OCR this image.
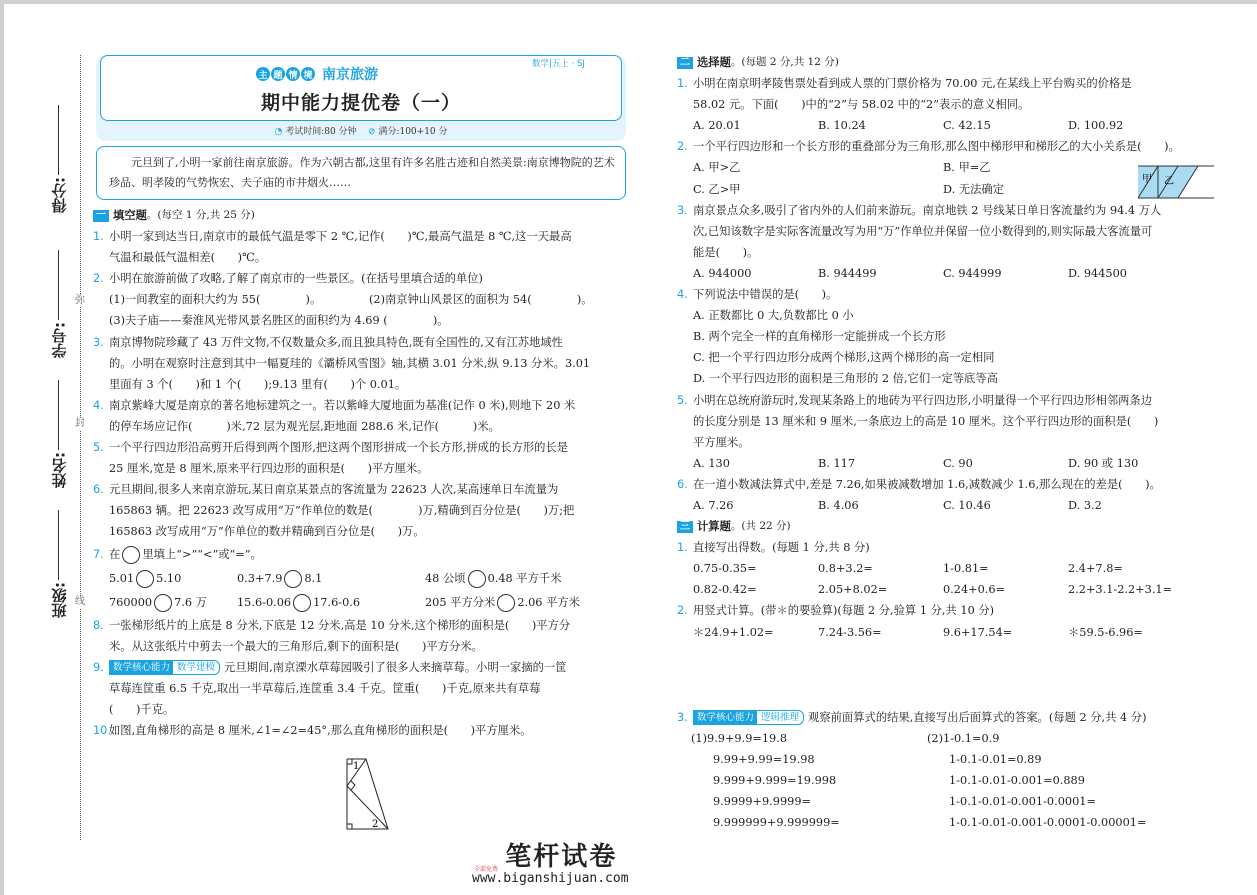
弥
封
线
班级:
姓名:
学号:
得分:
数学|五上 · SJ
主 题 情 境 南京旅游
期中能力提优卷（一）
◔ 考试时间:80 分钟 ⊘ 满分:100+10 分
元旦到了,小明一家前往南京旅游。作为六朝古都,这里有许多名胜古迹和自然美景:南京博物院的艺术珍品、明孝陵的气势恢宏、夫子庙的市井烟火……
一 填空题 。(每空 1 分,共 25 分)
1. 小明一家到达当日,南京市的最低气温是零下 2 ℃,记作(　　)℃,最高气温是 8 ℃,这一天最高
气温和最低气温相差(　　)℃。
2. 小明在旅游前做了攻略,了解了南京市的一些景区。(在括号里填合适的单位)
(1)一间教室的面积大约为 55(　　　　)。	(2)南京钟山风景区的面积为 54(　　　　)。
(3)夫子庙——秦淮风光带风景名胜区的面积约为 4.69 (　　　　)。
3. 南京博物院珍藏了 43 万件文物,不仅数量众多,而且独具特色,既有全国性的,又有江苏地域性
的。小明在观察时注意到其中一幅夏珪的《灞桥风雪图》轴,其横 3.01 分米,纵 9.13 分米。3.01
里面有 3 个(　　)和 1 个(　　);9.13 里有(　　)个 0.01。
4. 南京紫峰大厦是南京的著名地标建筑之一。若以紫峰大厦地面为基准(记作 0 米),则地下 20 米
的停车场应记作(　　　)米,72 层为观光层,距地面 288.6 米,记作(　　　)米。
5. 一个平行四边形沿高剪开后得到两个图形,把这两个图形拼成一个长方形,拼成的长方形的长是
25 厘米,宽是 8 厘米,原来平行四边形的面积是(　　)平方厘米。
6. 元旦期间,很多人来南京游玩,某日南京某景点的客流量为 22623 人次,某高速单日车流量为
165863 辆。把 22623 改写成用“万”作单位的数是(　　　　)万,精确到百分位是(　　)万;把
165863 改写成用“万”作单位的数并精确到百分位是(　　)万。
7. 在 里填上“>”“<”或“=”。
5.01 5.10	0.3+7.9 8.1	48 公顷 0.48 平方千米
760000 7.6 万	15.6-0.06 17.6-0.6	205 平方分米 2.06 平方米
8. 一张梯形纸片的上底是 8 分米,下底是 12 分米,高是 10 分米,这个梯形的面积是(　　)平方分
米。从这张纸片中剪去一个最大的三角形后,剩下的面积是(　　)平方分米。
9. 数学核心能力 数学建模 元旦期间,南京溧水草莓园吸引了很多人来摘草莓。小明一家摘的一筐
草莓连筐重 6.5 千克,取出一半草莓后,连筐重 3.4 千克。筐重(　　)千克,原来共有草莓
(　　)千克。
10.
如图,直角梯形的高是 8 厘米,∠1=∠2=45°,那么直角梯形的面积是(　　)平方厘米。
1
2
二 选择题 。(每题 2 分,共 12 分)
1. 小明在南京明孝陵售票处看到成人票的门票价格为 70.00 元,在某线上平台购买的价格是
58.02 元。下面(　　)中的“2”与 58.02 中的“2”表示的意义相同。
A. 20.01	B. 10.24	C. 42.15	D. 100.92
2. 一个平行四边形和一个长方形的重叠部分为三角形,那么图中梯形甲和梯形乙的大小关系是(　　)。
A. 甲>乙	B. 甲=乙
C. 乙>甲	D. 无法确定
3. 南京景点众多,吸引了省内外的人们前来游玩。南京地铁 2 号线某日单日客流量约为 94.4 万人
次,已知该数字是实际客流量改写为用“万”作单位并保留一位小数得到的,则实际最大客流量可
能是(　　)。
A. 944000	B. 944499	C. 944999	D. 944500
4. 下列说法中错误的是(　　)。
A. 正数都比 0 大,负数都比 0 小
B. 两个完全一样的直角梯形一定能拼成一个长方形
C. 把一个平行四边形分成两个梯形,这两个梯形的高一定相同
D. 一个平行四边形的面积是三角形的 2 倍,它们一定等底等高
5. 小明在总统府游玩时,发现某条路上的地砖为平行四边形,小明量得一个平行四边形相邻两条边
的长度分别是 13 厘米和 9 厘米,一条底边上的高是 10 厘米。这个平行四边形的面积是(　　)
平方厘米。
A. 130	B. 117	C. 90	D. 90 或 130
6. 在一道小数减法算式中,差是 7.26,如果被减数增加 1.6,减数减少 1.6,那么现在的差是(　　)。
A. 7.26	B. 4.06	C. 10.46	D. 3.2
三 计算题 。(共 22 分)
1. 直接写出得数。(每题 1 分,共 8 分)
0.75-0.35=	0.8+3.2=	1-0.81=	2.4+7.8=
0.82-0.42=	2.05+8.02=	0.24+0.6=	2.2+3.1-2.2+3.1=
2. 用竖式计算。(带＊的要验算)(每题 2 分,验算 1 分,共 10 分)
＊24.9+1.02=	7.24-3.56=	9.6+17.54=	＊59.5-6.96=
3. 数学核心能力 逻辑推理 观察前面算式的结果,直接写出后面算式的答案。(每题 2 分,共 4 分)
(1)9.9+9.9=19.8
9.99+9.99=19.98
9.999+9.999=19.998
9.9999+9.9999=
9.999999+9.999999=
(2)1-0.1=0.9
1-0.1-0.01=0.89
1-0.1-0.01-0.001=0.889
1-0.1-0.01-0.001-0.0001=
1-0.1-0.01-0.001-0.0001-0.00001=
甲 乙
笔杆试卷
全部免费
www.biganshijuan.com
